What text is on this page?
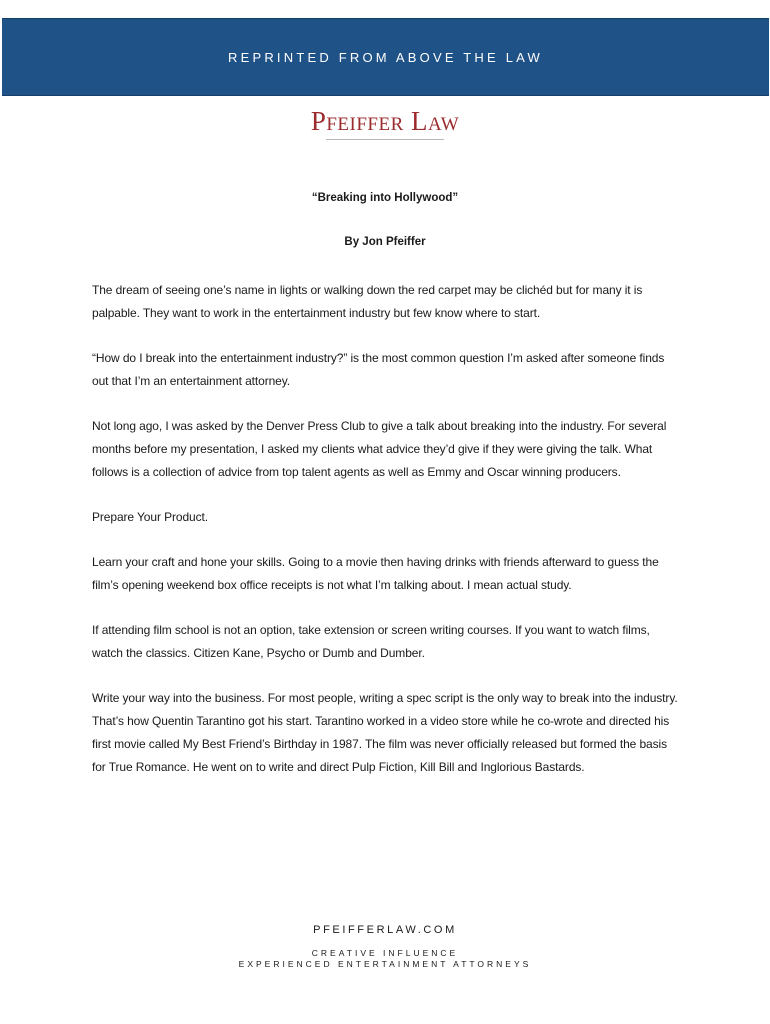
REPRINTED FROM ABOVE THE LAW
Pfeiffer Law
“Breaking into Hollywood”
By Jon Pfeiffer

The dream of seeing one’s name in lights or walking down the red carpet may be clichéd but for many it is palpable. They want to work in the entertainment industry but few know where to start.

“How do I break into the entertainment industry?” is the most common question I’m asked after someone finds out that I’m an entertainment attorney.

Not long ago, I was asked by the Denver Press Club to give a talk about breaking into the industry. For several months before my presentation, I asked my clients what advice they’d give if they were giving the talk. What follows is a collection of advice from top talent agents as well as Emmy and Oscar winning producers.

Prepare Your Product.

Learn your craft and hone your skills. Going to a movie then having drinks with friends afterward to guess the film’s opening weekend box office receipts is not what I’m talking about. I mean actual study.

If attending film school is not an option, take extension or screen writing courses. If you want to watch films, watch the classics. Citizen Kane, Psycho or Dumb and Dumber.

Write your way into the business. For most people, writing a spec script is the only way to break into the industry. That’s how Quentin Tarantino got his start. Tarantino worked in a video store while he co-wrote and directed his first movie called My Best Friend’s Birthday in 1987. The film was never officially released but formed the basis for True Romance. He went on to write and direct Pulp Fiction, Kill Bill and Inglorious Bastards.

PFEIFFERLAW.COM
CREATIVE INFLUENCE
EXPERIENCED ENTERTAINMENT ATTORNEYS
